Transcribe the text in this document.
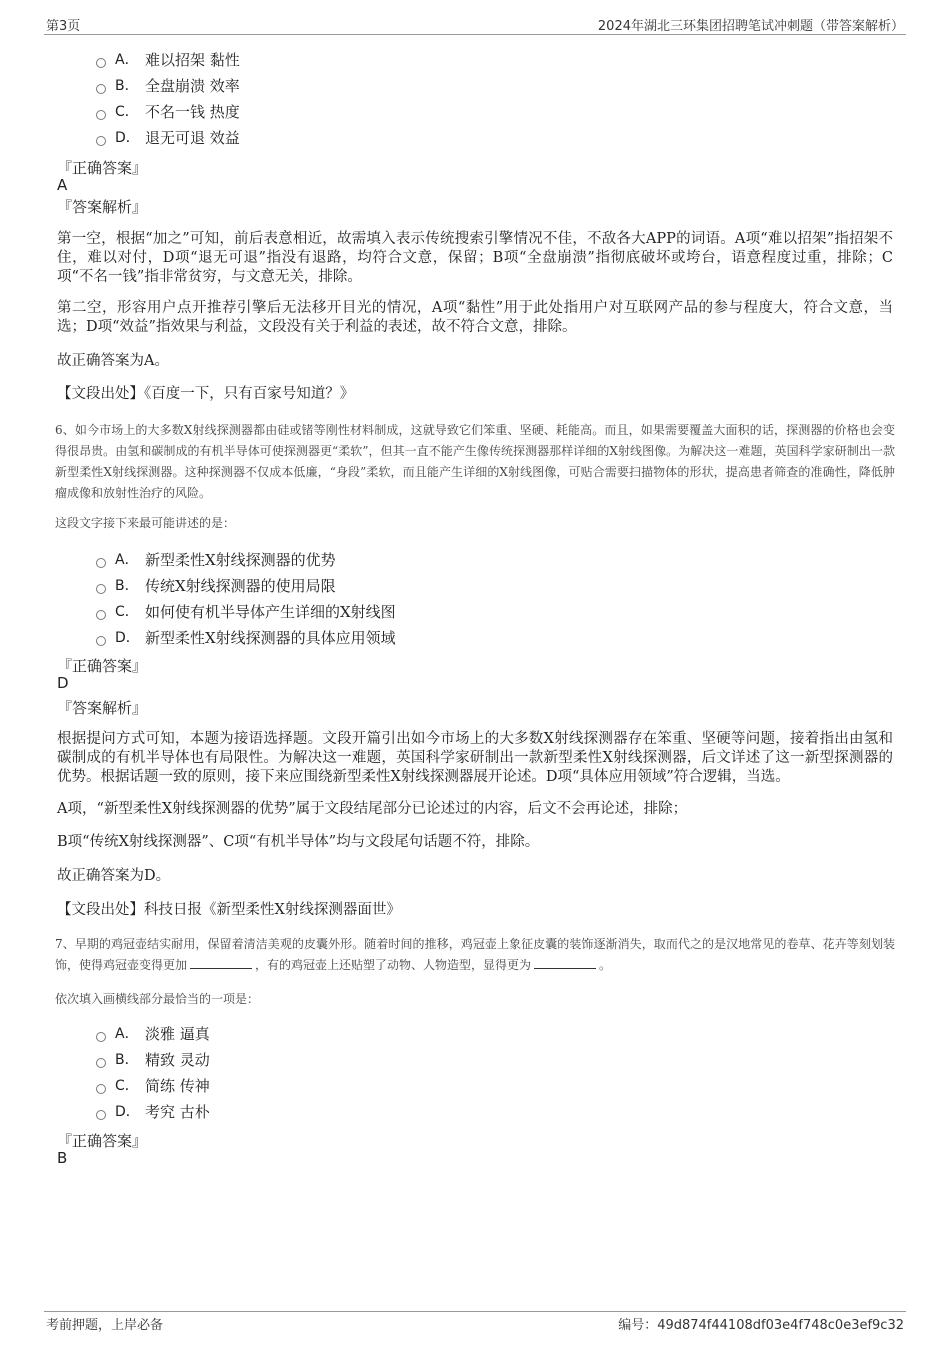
第3页	2024年湖北三环集团招聘笔试冲刺题（带答案解析）
A． 难以招架 黏性
B． 全盘崩溃 效率
C． 不名一钱 热度
D． 退无可退 效益
『正确答案』
A
『答案解析』

第一空，根据“加之”可知，前后表意相近，故需填入表示传统搜索引擎情况不佳，不敌各大APP的词语。A项“难以招架”指招架不住，难以对付，D项“退无可退”指没有退路，均符合文意，保留；B项“全盘崩溃”指彻底破坏或垮台，语意程度过重，排除；C项“不名一钱”指非常贫穷，与文意无关，排除。

第二空，形容用户点开推荐引擎后无法移开目光的情况，A项“黏性”用于此处指用户对互联网产品的参与程度大，符合文意，当选；D项“效益”指效果与利益，文段没有关于利益的表述，故不符合文意，排除。

故正确答案为A。

【文段出处】《百度一下，只有百家号知道？》

6、如今市场上的大多数X射线探测器都由硅或锗等刚性材料制成，这就导致它们笨重、坚硬、耗能高。而且，如果需要覆盖大面积的话，探测器的价格也会变得很昂贵。由氢和碳制成的有机半导体可使探测器更“柔软”，但其一直不能产生像传统探测器那样详细的X射线图像。为解决这一难题，英国科学家研制出一款新型柔性X射线探测器。这种探测器不仅成本低廉，“身段”柔软，而且能产生详细的X射线图像，可贴合需要扫描物体的形状，提高患者筛查的准确性，降低肿瘤成像和放射性治疗的风险。

这段文字接下来最可能讲述的是：
A． 新型柔性X射线探测器的优势
B． 传统X射线探测器的使用局限
C． 如何使有机半导体产生详细的X射线图
D． 新型柔性X射线探测器的具体应用领域
『正确答案』
D
『答案解析』

根据提问方式可知，本题为接语选择题。文段开篇引出如今市场上的大多数X射线探测器存在笨重、坚硬等问题，接着指出由氢和碳制成的有机半导体也有局限性。为解决这一难题，英国科学家研制出一款新型柔性X射线探测器，后文详述了这一新型探测器的优势。根据话题一致的原则，接下来应围绕新型柔性X射线探测器展开论述。D项“具体应用领域”符合逻辑，当选。

A项，“新型柔性X射线探测器的优势”属于文段结尾部分已论述过的内容，后文不会再论述，排除；

B项“传统X射线探测器”、C项“有机半导体”均与文段尾句话题不符，排除。

故正确答案为D。

【文段出处】科技日报《新型柔性X射线探测器面世》

7、早期的鸡冠壶结实耐用，保留着清洁美观的皮囊外形。随着时间的推移，鸡冠壶上象征皮囊的装饰逐渐消失，取而代之的是汉地常见的卷草、花卉等刻划装饰，使得鸡冠壶变得更加	，有的鸡冠壶上还贴塑了动物、人物造型，显得更为	。

依次填入画横线部分最恰当的一项是：
A． 淡雅 逼真
B． 精致 灵动
C． 简练 传神
D． 考究 古朴
『正确答案』
B
考前押题，上岸必备	编号：49d874f44108df03e4f748c0e3ef9c32
